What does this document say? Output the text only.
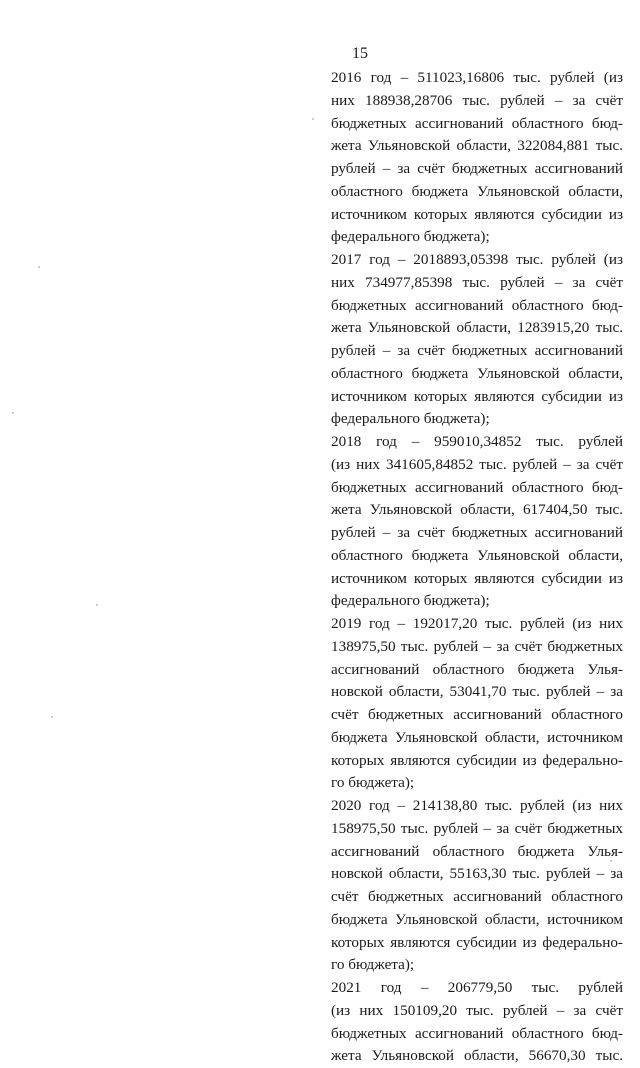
15
2016 год – 511023,16806 тыс. рублей (из
них 188938,28706 тыс. рублей – за счёт
бюджетных ассигнований областного бюд-
жета Ульяновской области, 322084,881 тыс.
рублей – за счёт бюджетных ассигнований
областного бюджета Ульяновской области,
источником которых являются субсидии из
федерального бюджета);
2017 год – 2018893,05398 тыс. рублей (из
них 734977,85398 тыс. рублей – за счёт
бюджетных ассигнований областного бюд-
жета Ульяновской области, 1283915,20 тыс.
рублей – за счёт бюджетных ассигнований
областного бюджета Ульяновской области,
источником которых являются субсидии из
федерального бюджета);
2018 год – 959010,34852 тыс. рублей
(из них 341605,84852 тыс. рублей – за счёт
бюджетных ассигнований областного бюд-
жета Ульяновской области, 617404,50 тыс.
рублей – за счёт бюджетных ассигнований
областного бюджета Ульяновской области,
источником которых являются субсидии из
федерального бюджета);
2019 год – 192017,20 тыс. рублей (из них
138975,50 тыс. рублей – за счёт бюджетных
ассигнований областного бюджета Улья-
новской области, 53041,70 тыс. рублей – за
счёт бюджетных ассигнований областного
бюджета Ульяновской области, источником
которых являются субсидии из федерально-
го бюджета);
2020 год – 214138,80 тыс. рублей (из них
158975,50 тыс. рублей – за счёт бюджетных
ассигнований областного бюджета Улья-
новской области, 55163,30 тыс. рублей – за
счёт бюджетных ассигнований областного
бюджета Ульяновской области, источником
которых являются субсидии из федерально-
го бюджета);
2021 год – 206779,50 тыс. рублей
(из них 150109,20 тыс. рублей – за счёт
бюджетных ассигнований областного бюд-
жета Ульяновской области, 56670,30 тыс.
